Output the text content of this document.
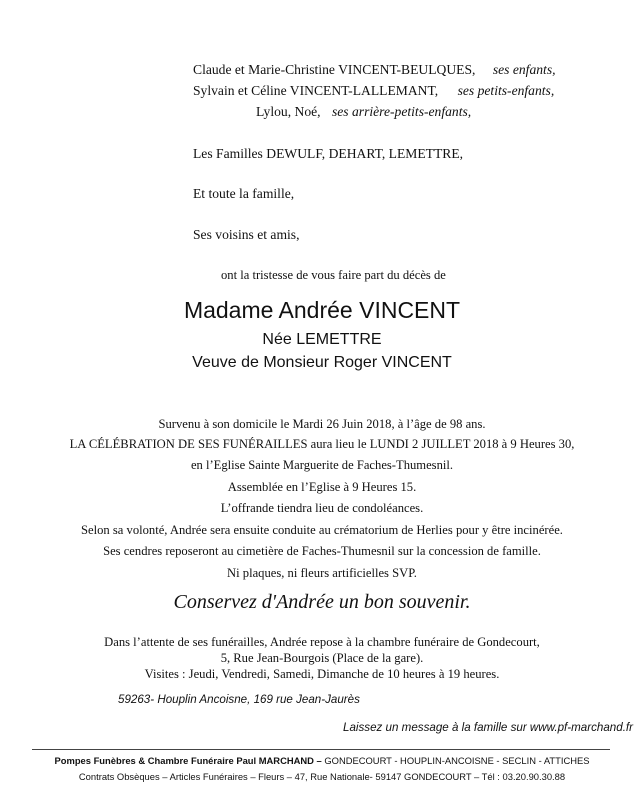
Claude et Marie-Christine VINCENT-BEULQUES, ses enfants,
Sylvain et Céline VINCENT-LALLEMANT, ses petits-enfants,
Lylou, Noé, ses arrière-petits-enfants,
Les Familles DEWULF, DEHART, LEMETTRE,
Et toute la famille,
Ses voisins et amis,
ont la tristesse de vous faire part du décès de
Madame Andrée VINCENT
Née LEMETTRE
Veuve de Monsieur Roger VINCENT
Survenu à son domicile le Mardi 26 Juin 2018, à l’âge de 98 ans.
LA CÉLÉBRATION DE SES FUNÉRAILLES aura lieu le LUNDI 2 JUILLET 2018 à 9 Heures 30,
en l’Eglise Sainte Marguerite de Faches-Thumesnil.
Assemblée en l’Eglise à 9 Heures 15.
L’offrande tiendra lieu de condoléances.
Selon sa volonté, Andrée sera ensuite conduite au crématorium de Herlies pour y être incinérée.
Ses cendres reposeront au cimetière de Faches-Thumesnil sur la concession de famille.
Ni plaques, ni fleurs artificielles SVP.
Conservez d'Andrée un bon souvenir.
Dans l’attente de ses funérailles, Andrée repose à la chambre funéraire de Gondecourt,
5, Rue Jean-Bourgois (Place de la gare).
Visites : Jeudi, Vendredi, Samedi, Dimanche de 10 heures à 19 heures.
59263- Houplin Ancoisne, 169 rue Jean-Jaurès
Laissez un message à la famille sur www.pf-marchand.fr
Pompes Funèbres & Chambre Funéraire Paul MARCHAND – GONDECOURT - HOUPLIN-ANCOISNE - SECLIN - ATTICHES
Contrats Obsèques – Articles Funéraires – Fleurs – 47, Rue Nationale- 59147 GONDECOURT – Tél : 03.20.90.30.88
